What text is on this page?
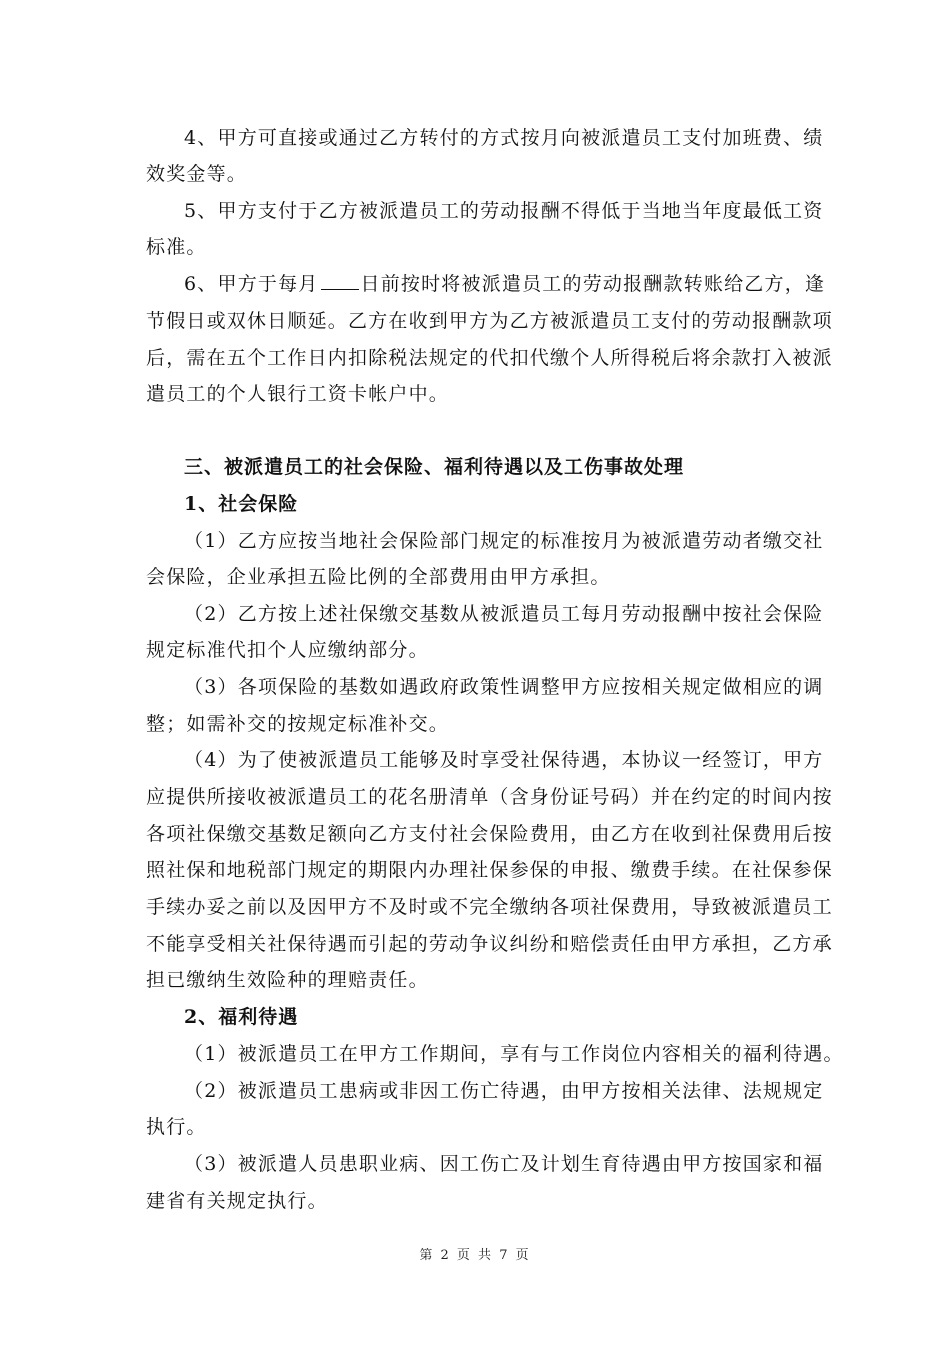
4、甲方可直接或通过乙方转付的方式按月向被派遣员工支付加班费、绩
效奖金等。
5、甲方支付于乙方被派遣员工的劳动报酬不得低于当地当年度最低工资
标准。
6、甲方于每月 日前按时将被派遣员工的劳动报酬款转账给乙方，逢
节假日或双休日顺延。乙方在收到甲方为乙方被派遣员工支付的劳动报酬款项
后，需在五个工作日内扣除税法规定的代扣代缴个人所得税后将余款打入被派
遣员工的个人银行工资卡帐户中。
三、被派遣员工的社会保险、福利待遇以及工伤事故处理
1、社会保险
（1）乙方应按当地社会保险部门规定的标准按月为被派遣劳动者缴交社
会保险，企业承担五险比例的全部费用由甲方承担。
（2）乙方按上述社保缴交基数从被派遣员工每月劳动报酬中按社会保险
规定标准代扣个人应缴纳部分。
（3）各项保险的基数如遇政府政策性调整甲方应按相关规定做相应的调
整；如需补交的按规定标准补交。
（4）为了使被派遣员工能够及时享受社保待遇，本协议一经签订，甲方
应提供所接收被派遣员工的花名册清单（含身份证号码）并在约定的时间内按
各项社保缴交基数足额向乙方支付社会保险费用，由乙方在收到社保费用后按
照社保和地税部门规定的期限内办理社保参保的申报、缴费手续。在社保参保
手续办妥之前以及因甲方不及时或不完全缴纳各项社保费用，导致被派遣员工
不能享受相关社保待遇而引起的劳动争议纠纷和赔偿责任由甲方承担，乙方承
担已缴纳生效险种的理赔责任。
2、福利待遇
（1）被派遣员工在甲方工作期间，享有与工作岗位内容相关的福利待遇。
（2）被派遣员工患病或非因工伤亡待遇，由甲方按相关法律、法规规定
执行。
（3）被派遣人员患职业病、因工伤亡及计划生育待遇由甲方按国家和福
建省有关规定执行。
第 2 页 共 7 页
